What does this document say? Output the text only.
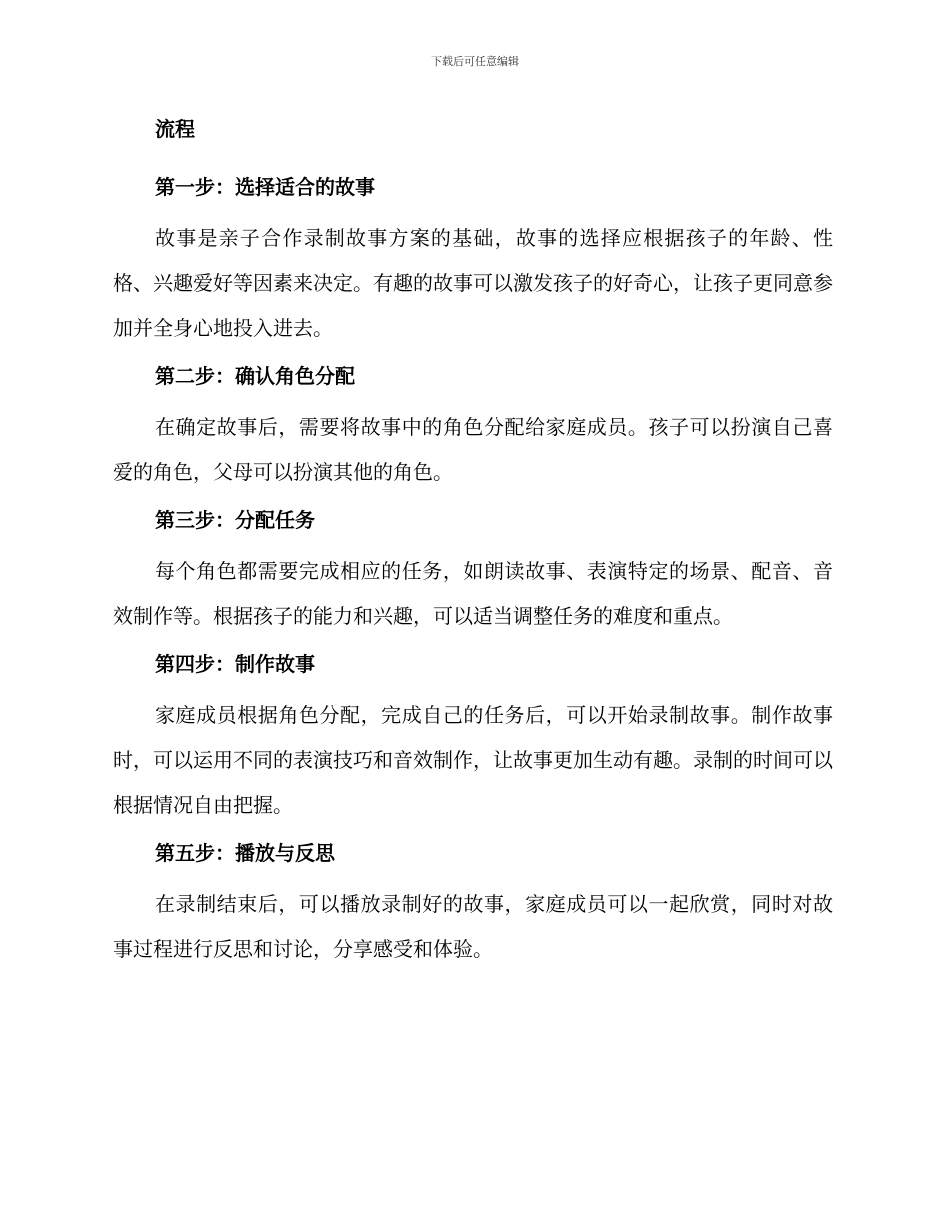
下载后可任意编辑
流程
第一步：选择适合的故事

故事是亲子合作录制故事方案的基础，故事的选择应根据孩子的年龄、性格、兴趣爱好等因素来决定。有趣的故事可以激发孩子的好奇心，让孩子更同意参加并全身心地投入进去。

第二步：确认角色分配

在确定故事后，需要将故事中的角色分配给家庭成员。孩子可以扮演自己喜爱的角色，父母可以扮演其他的角色。

第三步：分配任务

每个角色都需要完成相应的任务，如朗读故事、表演特定的场景、配音、音效制作等。根据孩子的能力和兴趣，可以适当调整任务的难度和重点。

第四步：制作故事

家庭成员根据角色分配，完成自己的任务后，可以开始录制故事。制作故事时，可以运用不同的表演技巧和音效制作，让故事更加生动有趣。录制的时间可以根据情况自由把握。

第五步：播放与反思

在录制结束后，可以播放录制好的故事，家庭成员可以一起欣赏，同时对故事过程进行反思和讨论，分享感受和体验。
